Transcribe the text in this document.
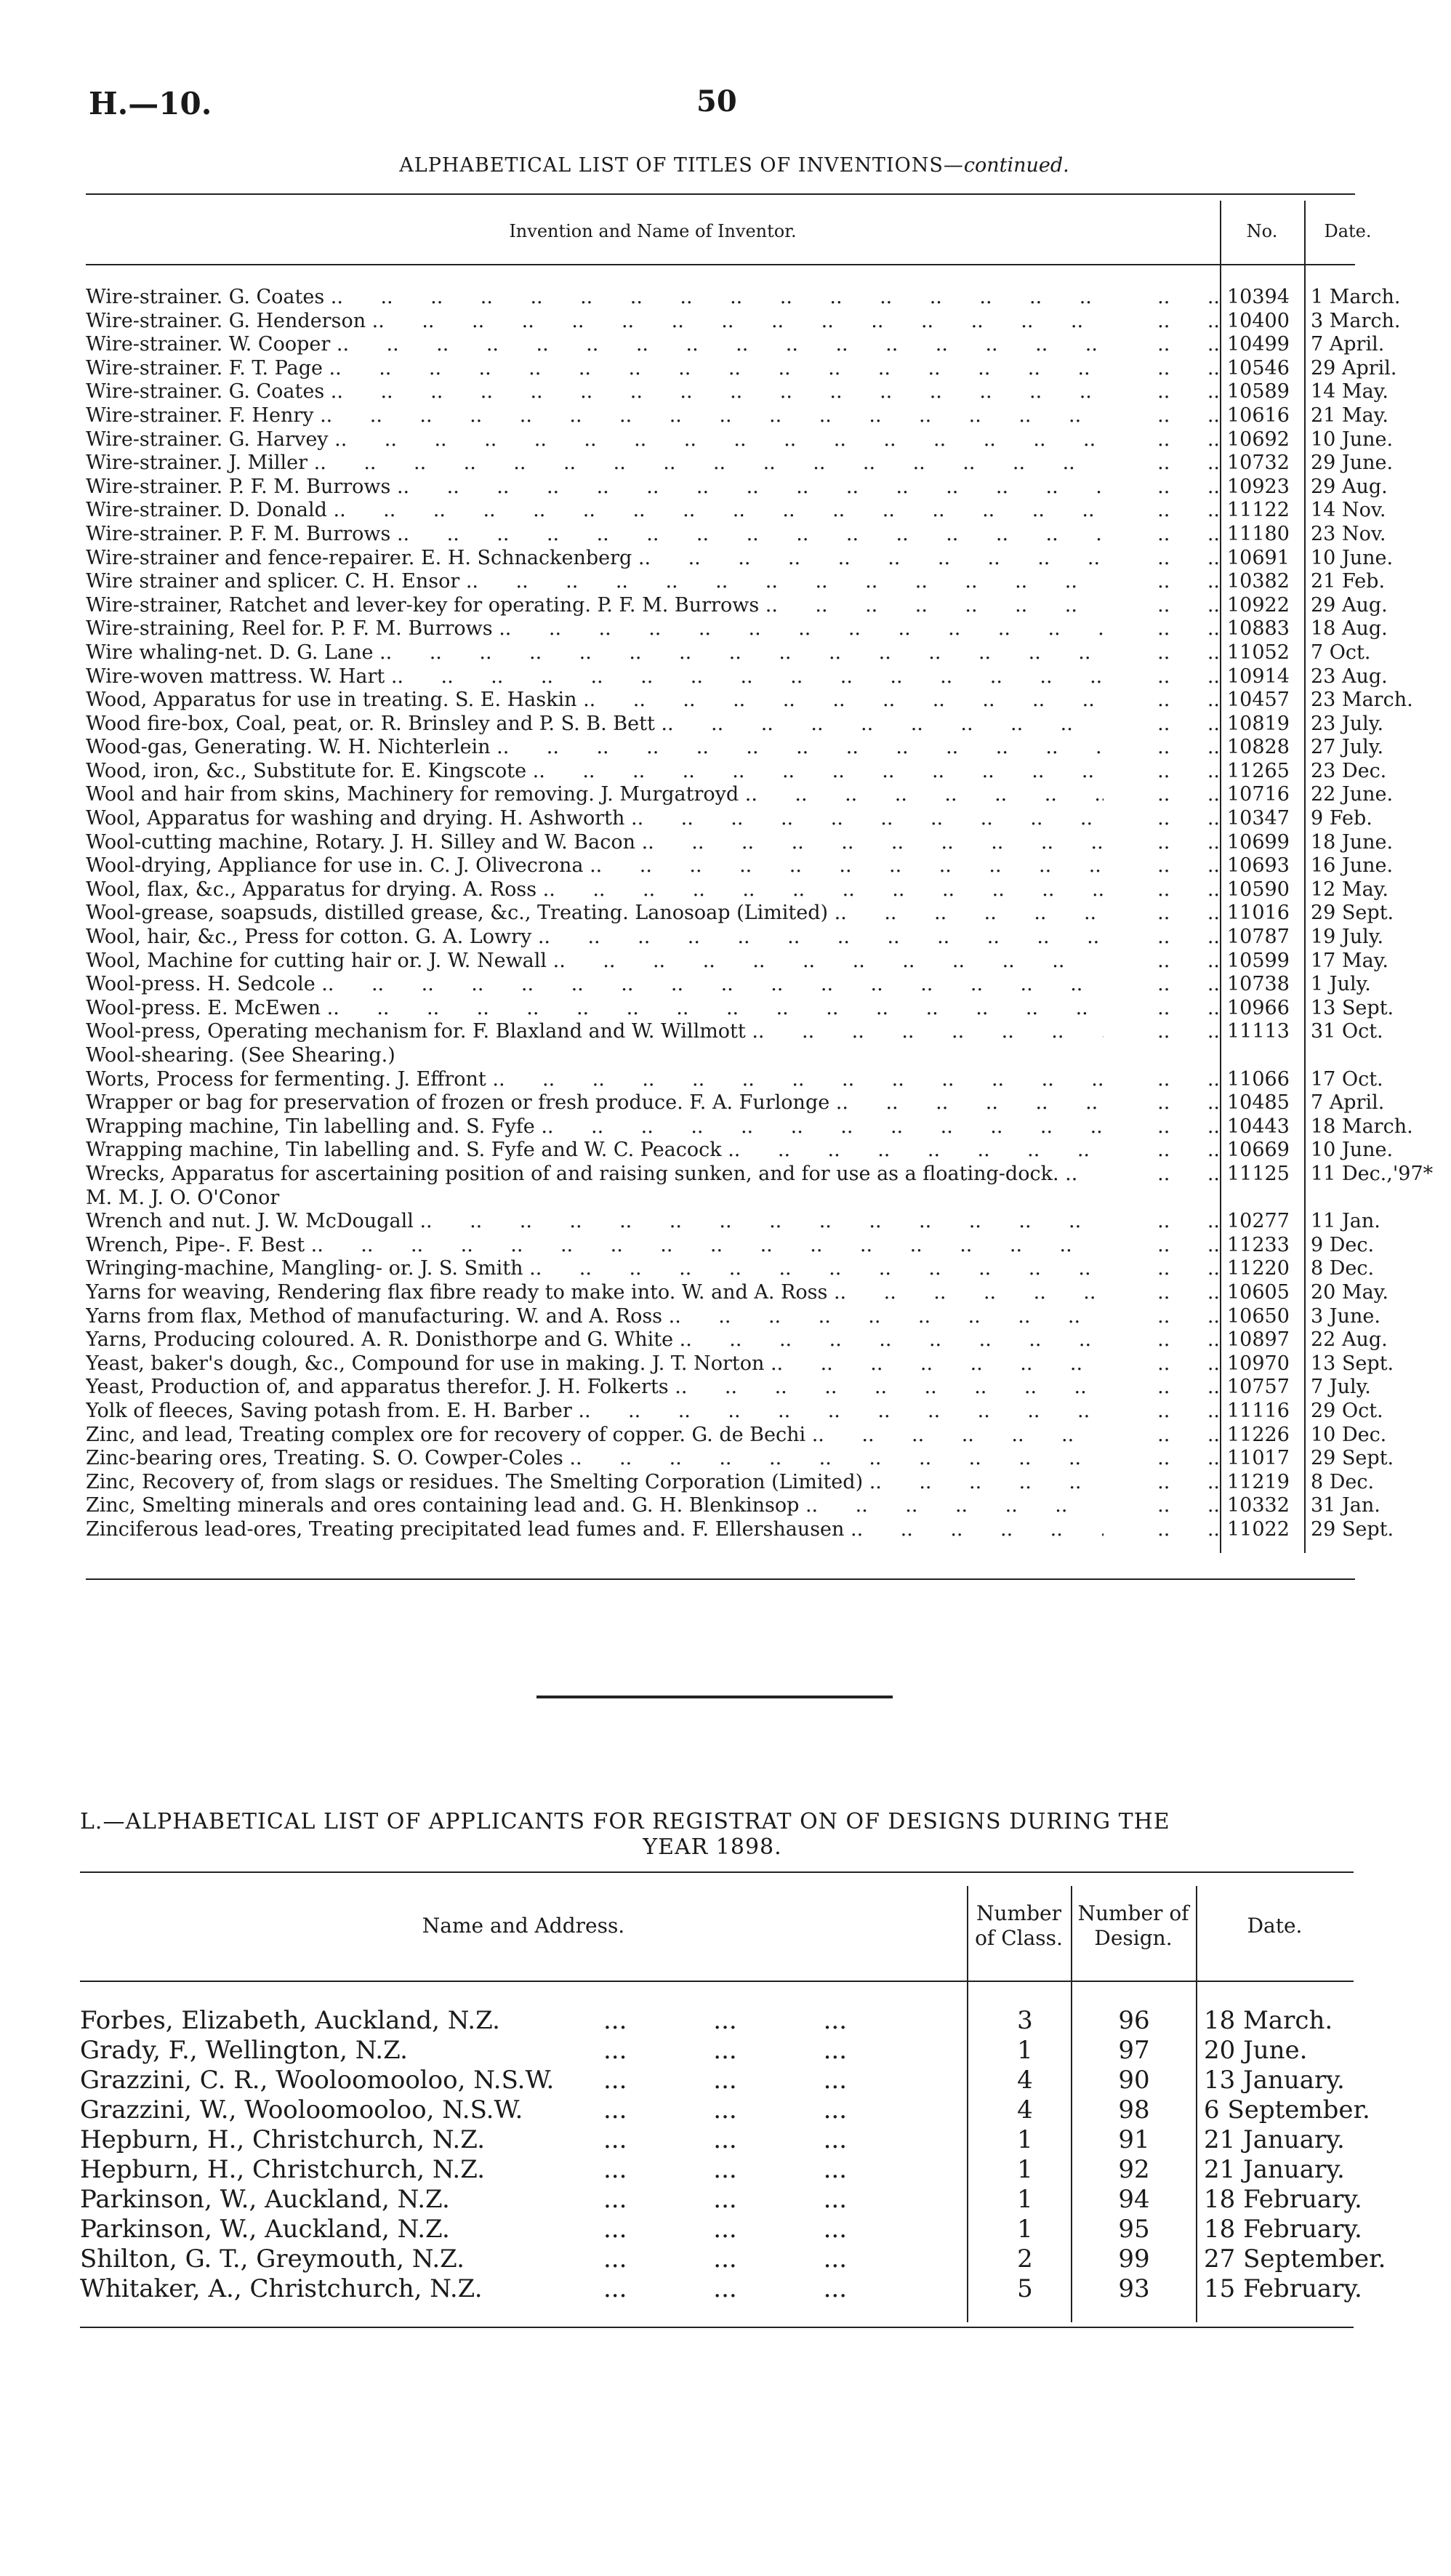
H.—10.	50
ALPHABETICAL LIST OF TITLES OF INVENTIONS—continued.
Invention and Name of Inventor.	No.	Date.
Wire-strainer. G. Coates .. ..	10394	1 March.
Wire-strainer. G. Henderson .. ..	10400	3 March.
Wire-strainer. W. Cooper .. ..	10499	7 April.
Wire-strainer. F. T. Page .. ..	10546	29 April.
Wire-strainer. G. Coates .. ..	10589	14 May.
Wire-strainer. F. Henry .. ..	10616	21 May.
Wire-strainer. G. Harvey .. ..	10692	10 June.
Wire-strainer. J. Miller .. ..	10732	29 June.
Wire-strainer. P. F. M. Burrows .. ..	10923	29 Aug.
Wire-strainer. D. Donald .. ..	11122	14 Nov.
Wire-strainer. P. F. M. Burrows .. ..	11180	23 Nov.
Wire-strainer and fence-repairer. E. H. Schnackenberg .. ..	10691	10 June.
Wire strainer and splicer. C. H. Ensor .. ..	10382	21 Feb.
Wire-strainer, Ratchet and lever-key for operating. P. F. M. Burrows .. ..	10922	29 Aug.
Wire-straining, Reel for. P. F. M. Burrows .. ..	10883	18 Aug.
Wire whaling-net. D. G. Lane .. ..	11052	7 Oct.
Wire-woven mattress. W. Hart .. ..	10914	23 Aug.
Wood, Apparatus for use in treating. S. E. Haskin .. ..	10457	23 March.
Wood fire-box, Coal, peat, or. R. Brinsley and P. S. B. Bett .. ..	10819	23 July.
Wood-gas, Generating. W. H. Nichterlein .. ..	10828	27 July.
Wood, iron, &c., Substitute for. E. Kingscote .. ..	11265	23 Dec.
Wool and hair from skins, Machinery for removing. J. Murgatroyd .. ..	10716	22 June.
Wool, Apparatus for washing and drying. H. Ashworth .. ..	10347	9 Feb.
Wool-cutting machine, Rotary. J. H. Silley and W. Bacon .. ..	10699	18 June.
Wool-drying, Appliance for use in. C. J. Olivecrona .. ..	10693	16 June.
Wool, flax, &c., Apparatus for drying. A. Ross .. ..	10590	12 May.
Wool-grease, soapsuds, distilled grease, &c., Treating. Lanosoap (Limited) .. ..	11016	29 Sept.
Wool, hair, &c., Press for cotton. G. A. Lowry .. ..	10787	19 July.
Wool, Machine for cutting hair or. J. W. Newall .. ..	10599	17 May.
Wool-press. H. Sedcole .. ..	10738	1 July.
Wool-press. E. McEwen .. ..	10966	13 Sept.
Wool-press, Operating mechanism for. F. Blaxland and W. Willmott .. ..	11113	31 Oct.
Wool-shearing. (See Shearing.)
Worts, Process for fermenting. J. Effront .. ..	11066	17 Oct.
Wrapper or bag for preservation of frozen or fresh produce. F. A. Furlonge .. ..	10485	7 April.
Wrapping machine, Tin labelling and. S. Fyfe .. ..	10443	18 March.
Wrapping machine, Tin labelling and. S. Fyfe and W. C. Peacock .. ..	10669	10 June.
Wrecks, Apparatus for ascertaining position of and raising sunken, and for use as a floating-dock. .. ..	11125	11 Dec.,'97*
M. M. J. O. O'Conor
Wrench and nut. J. W. McDougall .. ..	10277	11 Jan.
Wrench, Pipe-. F. Best .. ..	11233	9 Dec.
Wringing-machine, Mangling- or. J. S. Smith .. ..	11220	8 Dec.
Yarns for weaving, Rendering flax fibre ready to make into. W. and A. Ross .. ..	10605	20 May.
Yarns from flax, Method of manufacturing. W. and A. Ross .. ..	10650	3 June.
Yarns, Producing coloured. A. R. Donisthorpe and G. White .. ..	10897	22 Aug.
Yeast, baker's dough, &c., Compound for use in making. J. T. Norton .. ..	10970	13 Sept.
Yeast, Production of, and apparatus therefor. J. H. Folkerts .. ..	10757	7 July.
Yolk of fleeces, Saving potash from. E. H. Barber .. ..	11116	29 Oct.
Zinc, and lead, Treating complex ore for recovery of copper. G. de Bechi .. ..	11226	10 Dec.
Zinc-bearing ores, Treating. S. O. Cowper-Coles .. ..	11017	29 Sept.
Zinc, Recovery of, from slags or residues. The Smelting Corporation (Limited) .. ..	11219	8 Dec.
Zinc, Smelting minerals and ores containing lead and. G. H. Blenkinsop .. ..	10332	31 Jan.
Zinciferous lead-ores, Treating precipitated lead fumes and. F. Ellershausen .. ..	11022	29 Sept.
L.—ALPHABETICAL LIST OF APPLICANTS FOR REGISTRAT ON OF DESIGNS DURING THE
YEAR 1898.
Name and Address.
Number
of Class.
Number of
Design.
Date.
Forbes, Elizabeth, Auckland, N.Z. ...	3	96	18 March.
Grady, F., Wellington, N.Z. ...	1	97	20 June.
Grazzini, C. R., Wooloomooloo, N.S.W. ...	4	90	13 January.
Grazzini, W., Wooloomooloo, N.S.W. ...	4	98	6 September.
Hepburn, H., Christchurch, N.Z. ...	1	91	21 January.
Hepburn, H., Christchurch, N.Z. ...	1	92	21 January.
Parkinson, W., Auckland, N.Z. ...	1	94	18 February.
Parkinson, W., Auckland, N.Z. ...	1	95	18 February.
Shilton, G. T., Greymouth, N.Z. ...	2	99	27 September.
Whitaker, A., Christchurch, N.Z. ...	5	93	15 February.
